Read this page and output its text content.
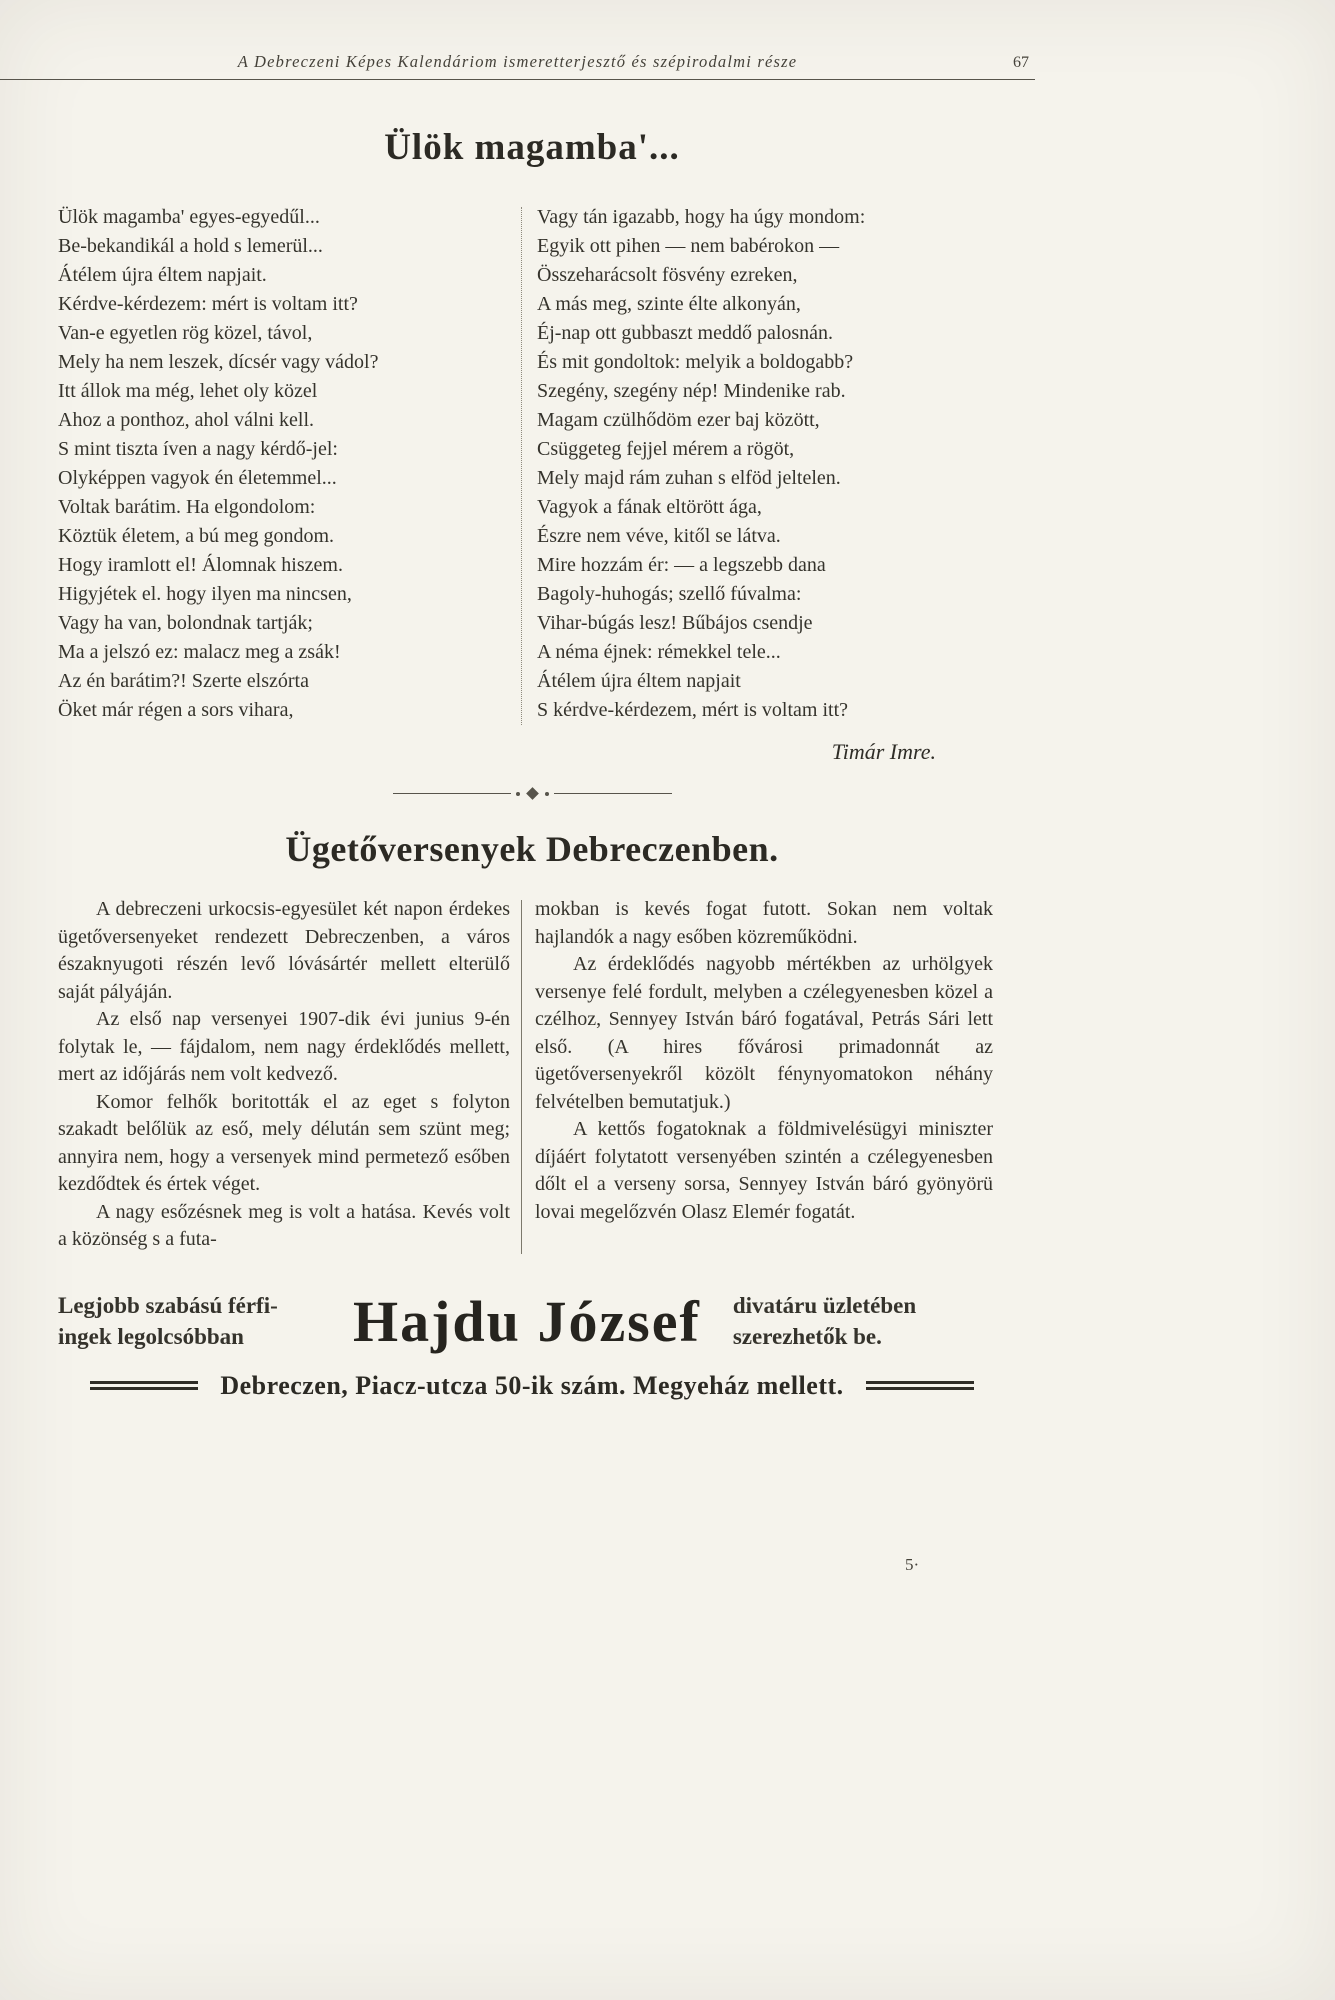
A Debreczeni Képes Kalendáriom ismeretterjesztő és szépirodalmi része	67
Ülök magamba'...
Ülök magamba' egyes-egyedűl...
Be-bekandikál a hold s lemerül...
Átélem újra éltem napjait.
Kérdve-kérdezem: mért is voltam itt?
Van-e egyetlen rög közel, távol,
Mely ha nem leszek, dícsér vagy vádol?
Itt állok ma még, lehet oly közel
Ahoz a ponthoz, ahol válni kell.
S mint tiszta íven a nagy kérdő-jel:
Olyképpen vagyok én életemmel...
Voltak barátim. Ha elgondolom:
Köztük életem, a bú meg gondom.
Hogy iramlott el! Álomnak hiszem.
Higyjétek el. hogy ilyen ma nincsen,
Vagy ha van, bolondnak tartják;
Ma a jelszó ez: malacz meg a zsák!
Az én barátim?! Szerte elszórta
Öket már régen a sors vihara,
Vagy tán igazabb, hogy ha úgy mondom:
Egyik ott pihen — nem babérokon —
Összeharácsolt fösvény ezreken,
A más meg, szinte élte alkonyán,
Éj-nap ott gubbaszt meddő palosnán.
És mit gondoltok: melyik a boldogabb?
Szegény, szegény nép! Mindenike rab.
Magam czülhődöm ezer baj között,
Csüggeteg fejjel mérem a rögöt,
Mely majd rám zuhan s elföd jeltelen.
Vagyok a fának eltörött ága,
Észre nem véve, kitől se látva.
Mire hozzám ér: — a legszebb dana
Bagoly-huhogás; szellő fúvalma:
Vihar-búgás lesz! Bűbájos csendje
A néma éjnek: rémekkel tele...
Átélem újra éltem napjait
S kérdve-kérdezem, mért is voltam itt?
Timár Imre.
Ügetőversenyek Debreczenben.

A debreczeni urkocsis-egyesület két napon érdekes ügetőversenyeket rendezett Debreczenben, a város északnyugoti részén levő lóvásártér mellett elterülő saját pályáján.

Az első nap versenyei 1907-dik évi junius 9-én folytak le, — fájdalom, nem nagy érdeklődés mellett, mert az időjárás nem volt kedvező.

Komor felhők boritották el az eget s folyton szakadt belőlük az eső, mely délután sem szünt meg; annyira nem, hogy a versenyek mind permetező esőben kezdődtek és értek véget.

A nagy esőzésnek meg is volt a hatása. Kevés volt a közönség s a futa-

mokban is kevés fogat futott. Sokan nem voltak hajlandók a nagy esőben közreműködni.

Az érdeklődés nagyobb mértékben az urhölgyek versenye felé fordult, melyben a czélegyenesben közel a czélhoz, Sennyey István báró fogatával, Petrás Sári lett első. (A hires fővárosi primadonnát az ügetőversenyekről közölt fénynyomatokon néhány felvételben bemutatjuk.)

A kettős fogatoknak a földmivelésügyi miniszter díjáért folytatott versenyében szintén a czélegyenesben dőlt el a verseny sorsa, Sennyey István báró gyönyörü lovai megelőzvén Olasz Elemér fogatát.

Legjobb szabású férfi-
ingek legolcsóbban	Hajdu József divatáru üzletében
szerezhetők be.
Debreczen, Piacz-utcza 50-ik szám. Megyeház mellett.
5·
